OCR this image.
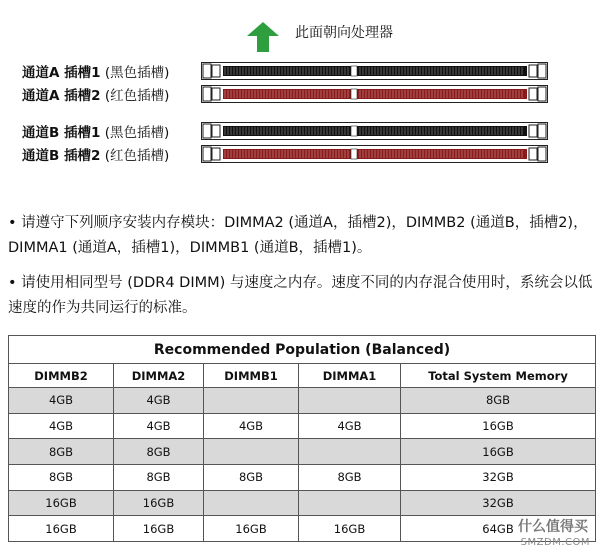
此面朝向处理器
通道A 插槽1 (黑色插槽)
通道A 插槽2 (红色插槽)
通道B 插槽1 (黑色插槽)
通道B 插槽2 (红色插槽)
• 请遵守下列顺序安装内存模块：DIMMA2 (通道A，插槽2)，DIMMB2 (通道B，插槽2)，DIMMA1 (通道A，插槽1)，DIMMB1 (通道B，插槽1)。
• 请使用相同型号 (DDR4 DIMM) 与速度之内存。速度不同的内存混合使用时，系统会以低速度的作为共同运行的标准。
Recommended Population (Balanced)				
DIMMB2	DIMMA2	DIMMB1	DIMMA1	Total System Memory
4GB	4GB			8GB
4GB	4GB	4GB	4GB	16GB
8GB	8GB			16GB
8GB	8GB	8GB	8GB	32GB
16GB	16GB			32GB
16GB	16GB	16GB	16GB	64GB 什么值得买
SMZDM.COM
